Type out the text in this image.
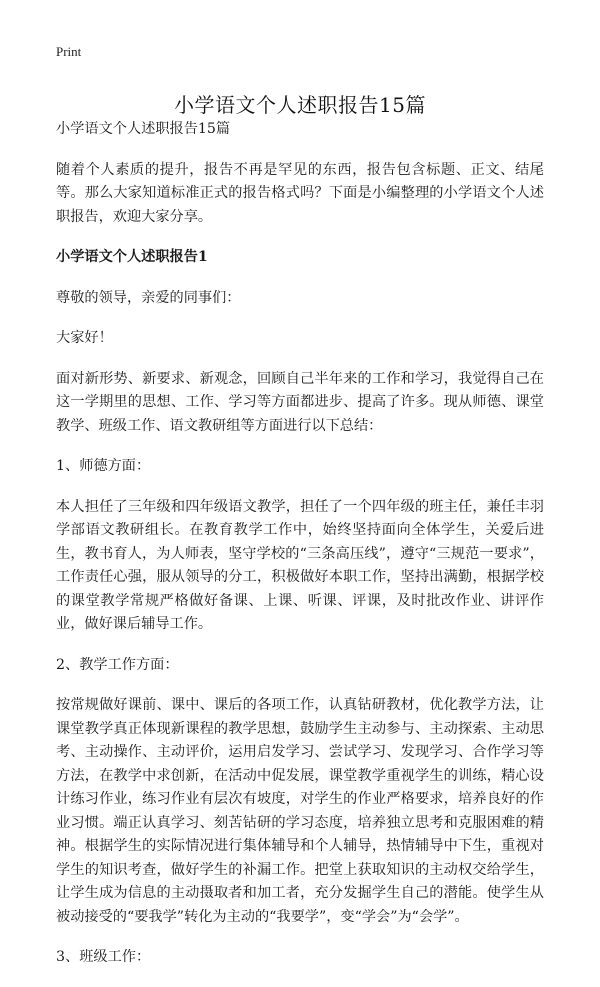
Print
小学语文个人述职报告15篇

小学语文个人述职报告15篇

随着个人素质的提升，报告不再是罕见的东西，报告包含标题、正文、结尾等。那么大家知道标准正式的报告格式吗？下面是小编整理的小学语文个人述职报告，欢迎大家分享。

小学语文个人述职报告1

尊敬的领导，亲爱的同事们：

大家好！

面对新形势、新要求、新观念，回顾自己半年来的工作和学习，我觉得自己在这一学期里的思想、工作、学习等方面都进步、提高了许多。现从师德、课堂教学、班级工作、语文教研组等方面进行以下总结：

1、师德方面：

本人担任了三年级和四年级语文教学，担任了一个四年级的班主任，兼任丰羽学部语文教研组长。在教育教学工作中，始终坚持面向全体学生，关爱后进生，教书育人，为人师表，坚守学校的“三条高压线”，遵守“三规范一要求”，工作责任心强，服从领导的分工，积极做好本职工作，坚持出满勤，根据学校的课堂教学常规严格做好备课、上课、听课、评课，及时批改作业、讲评作业，做好课后辅导工作。

2、教学工作方面：

按常规做好课前、课中、课后的各项工作，认真钻研教材，优化教学方法，让课堂教学真正体现新课程的教学思想，鼓励学生主动参与、主动探索、主动思考、主动操作、主动评价，运用启发学习、尝试学习、发现学习、合作学习等方法，在教学中求创新，在活动中促发展，课堂教学重视学生的训练，精心设计练习作业，练习作业有层次有坡度，对学生的作业严格要求，培养良好的作业习惯。端正认真学习、刻苦钻研的学习态度，培养独立思考和克服困难的精神。根据学生的实际情况进行集体辅导和个人辅导，热情辅导中下生，重视对学生的知识考查，做好学生的补漏工作。把堂上获取知识的主动权交给学生，让学生成为信息的主动摄取者和加工者，充分发掘学生自己的潜能。使学生从被动接受的“要我学”转化为主动的“我要学”，变“学会”为“会学”。

3、班级工作：
